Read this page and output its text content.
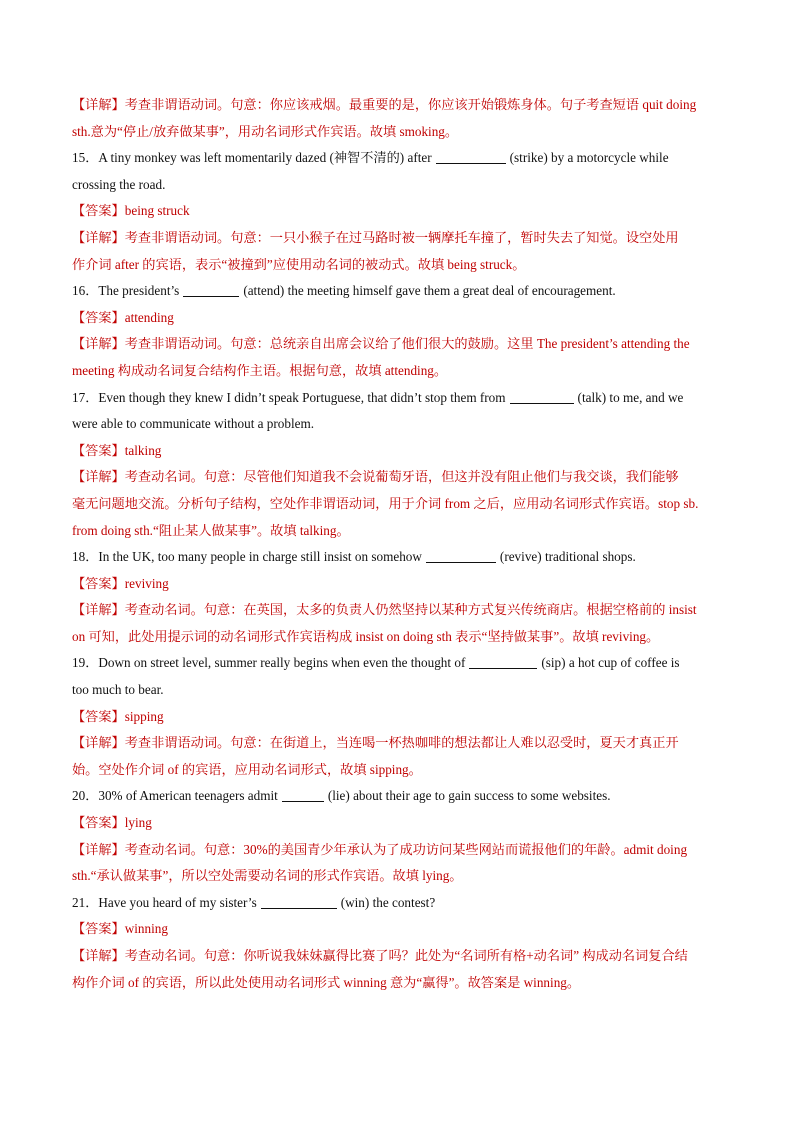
【详解】考查非谓语动词。句意：你应该戒烟。最重要的是，你应该开始锻炼身体。句子考查短语 quit doing
sth.意为“停止/放弃做某事”，用动名词形式作宾语。故填 smoking。
15．A tiny monkey was left momentarily dazed (神智不清的) after	(strike) by a motorcycle while
crossing the road.
【答案】being struck
【详解】考查非谓语动词。句意：一只小猴子在过马路时被一辆摩托车撞了，暂时失去了知觉。设空处用
作介词 after 的宾语，表示“被撞到”应使用动名词的被动式。故填 being struck。
16．The president’s	(attend) the meeting himself gave them a great deal of encouragement.
【答案】attending
【详解】考查非谓语动词。句意：总统亲自出席会议给了他们很大的鼓励。这里 The president’s attending the
meeting 构成动名词复合结构作主语。根据句意，故填 attending。
17．Even though they knew I didn’t speak Portuguese, that didn’t stop them from	(talk) to me, and we
were able to communicate without a problem.
【答案】talking
【详解】考查动名词。句意：尽管他们知道我不会说葡萄牙语，但这并没有阻止他们与我交谈，我们能够
毫无问题地交流。分析句子结构，空处作非谓语动词，用于介词 from 之后，应用动名词形式作宾语。stop sb.
from doing sth.“阻止某人做某事”。故填 talking。
18．In the UK, too many people in charge still insist on somehow	(revive) traditional shops.
【答案】reviving
【详解】考查动名词。句意：在英国，太多的负责人仍然坚持以某种方式复兴传统商店。根据空格前的 insist
on 可知，此处用提示词的动名词形式作宾语构成 insist on doing sth 表示“坚持做某事”。故填 reviving。
19．Down on street level, summer really begins when even the thought of	(sip) a hot cup of coffee is
too much to bear.
【答案】sipping
【详解】考查非谓语动词。句意：在街道上，当连喝一杯热咖啡的想法都让人难以忍受时，夏天才真正开
始。空处作介词 of 的宾语，应用动名词形式，故填 sipping。
20．30% of American teenagers admit	(lie) about their age to gain success to some websites.
【答案】lying
【详解】考查动名词。句意：30%的美国青少年承认为了成功访问某些网站而谎报他们的年龄。admit doing
sth.“承认做某事”，所以空处需要动名词的形式作宾语。故填 lying。
21．Have you heard of my sister’s	(win) the contest?
【答案】winning
【详解】考查动名词。句意：你听说我妹妹赢得比赛了吗？此处为“名词所有格+动名词” 构成动名词复合结
构作介词 of 的宾语，所以此处使用动名词形式 winning 意为“赢得”。故答案是 winning。
